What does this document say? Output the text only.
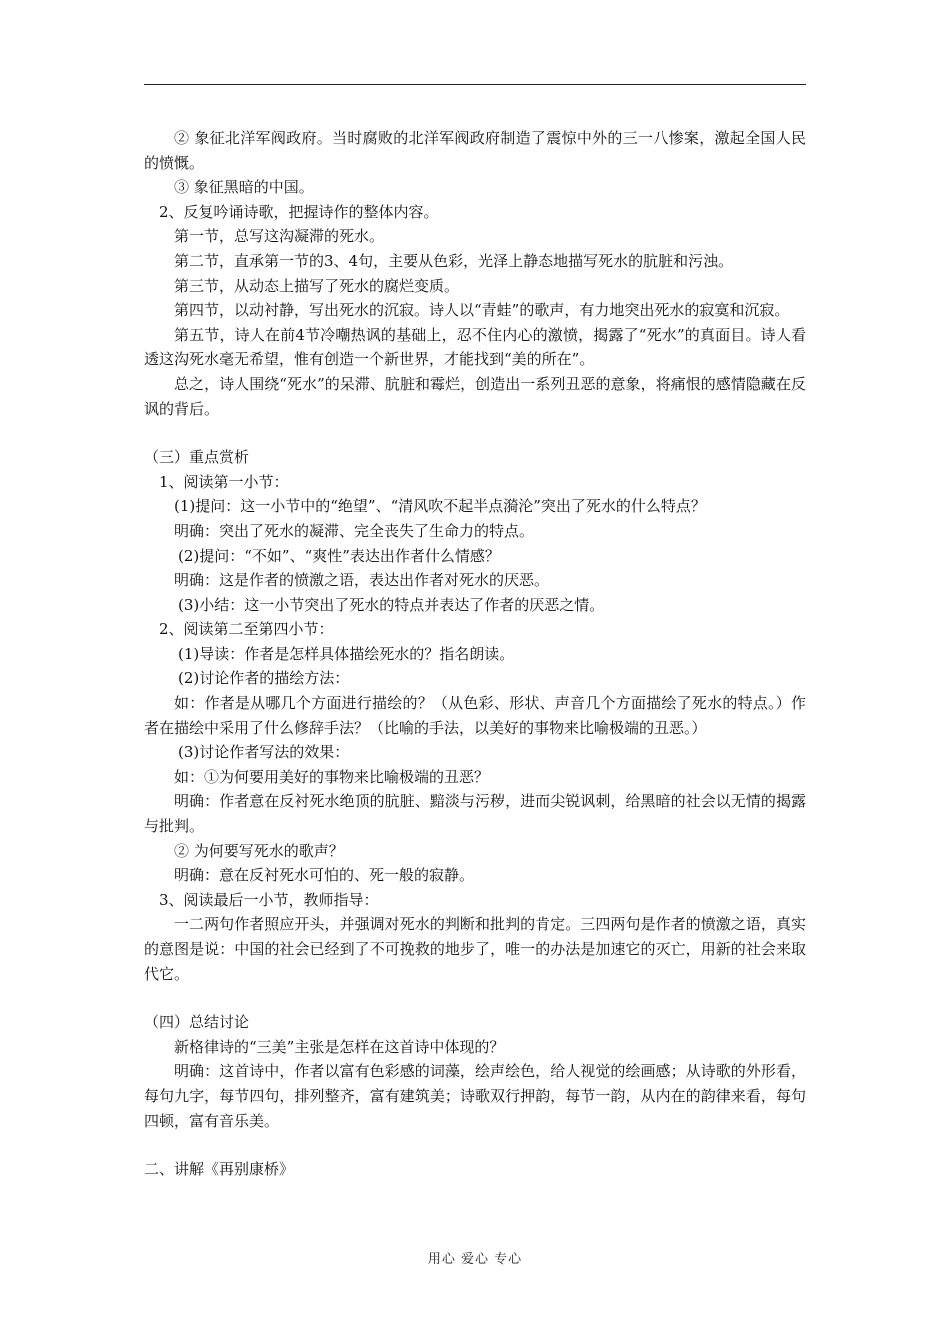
② 象征北洋军阀政府。当时腐败的北洋军阀政府制造了震惊中外的三一八惨案，激起全国人民的愤慨。

③ 象征黑暗的中国。

2、反复吟诵诗歌，把握诗作的整体内容。

第一节，总写这沟凝滞的死水。

第二节，直承第一节的3、4句，主要从色彩，光泽上静态地描写死水的肮脏和污浊。

第三节，从动态上描写了死水的腐烂变质。

第四节，以动衬静，写出死水的沉寂。诗人以“青蛙”的歌声，有力地突出死水的寂寞和沉寂。

第五节，诗人在前4节冷嘲热讽的基础上，忍不住内心的激愤，揭露了“死水”的真面目。诗人看透这沟死水毫无希望，惟有创造一个新世界，才能找到“美的所在”。

总之，诗人围绕“死水”的呆滞、肮脏和霉烂，创造出一系列丑恶的意象，将痛恨的感情隐藏在反讽的背后。

（三）重点赏析

1、阅读第一小节：

(1)提问：这一小节中的“绝望”、“清风吹不起半点漪沦”突出了死水的什么特点？

明确：突出了死水的凝滞、完全丧失了生命力的特点。

(2)提问：“不如”、“爽性”表达出作者什么情感？

明确：这是作者的愤激之语，表达出作者对死水的厌恶。

(3)小结：这一小节突出了死水的特点并表达了作者的厌恶之情。

2、阅读第二至第四小节：

(1)导读：作者是怎样具体描绘死水的？指名朗读。

(2)讨论作者的描绘方法：

如：作者是从哪几个方面进行描绘的？（从色彩、形状、声音几个方面描绘了死水的特点。）作者在描绘中采用了什么修辞手法？（比喻的手法，以美好的事物来比喻极端的丑恶。）

(3)讨论作者写法的效果：

如：①为何要用美好的事物来比喻极端的丑恶？

明确：作者意在反衬死水绝顶的肮脏、黯淡与污秽，进而尖锐讽刺，给黑暗的社会以无情的揭露与批判。

② 为何要写死水的歌声？

明确：意在反衬死水可怕的、死一般的寂静。

3、阅读最后一小节，教师指导：

一二两句作者照应开头，并强调对死水的判断和批判的肯定。三四两句是作者的愤激之语，真实的意图是说：中国的社会已经到了不可挽救的地步了，唯一的办法是加速它的灭亡，用新的社会来取代它。

（四）总结讨论

新格律诗的“三美”主张是怎样在这首诗中体现的？

明确：这首诗中，作者以富有色彩感的词藻，绘声绘色，给人视觉的绘画感；从诗歌的外形看，每句九字，每节四句，排列整齐，富有建筑美；诗歌双行押韵，每节一韵，从内在的韵律来看，每句四顿，富有音乐美。

二、讲解《再别康桥》

用心 爱心 专心
